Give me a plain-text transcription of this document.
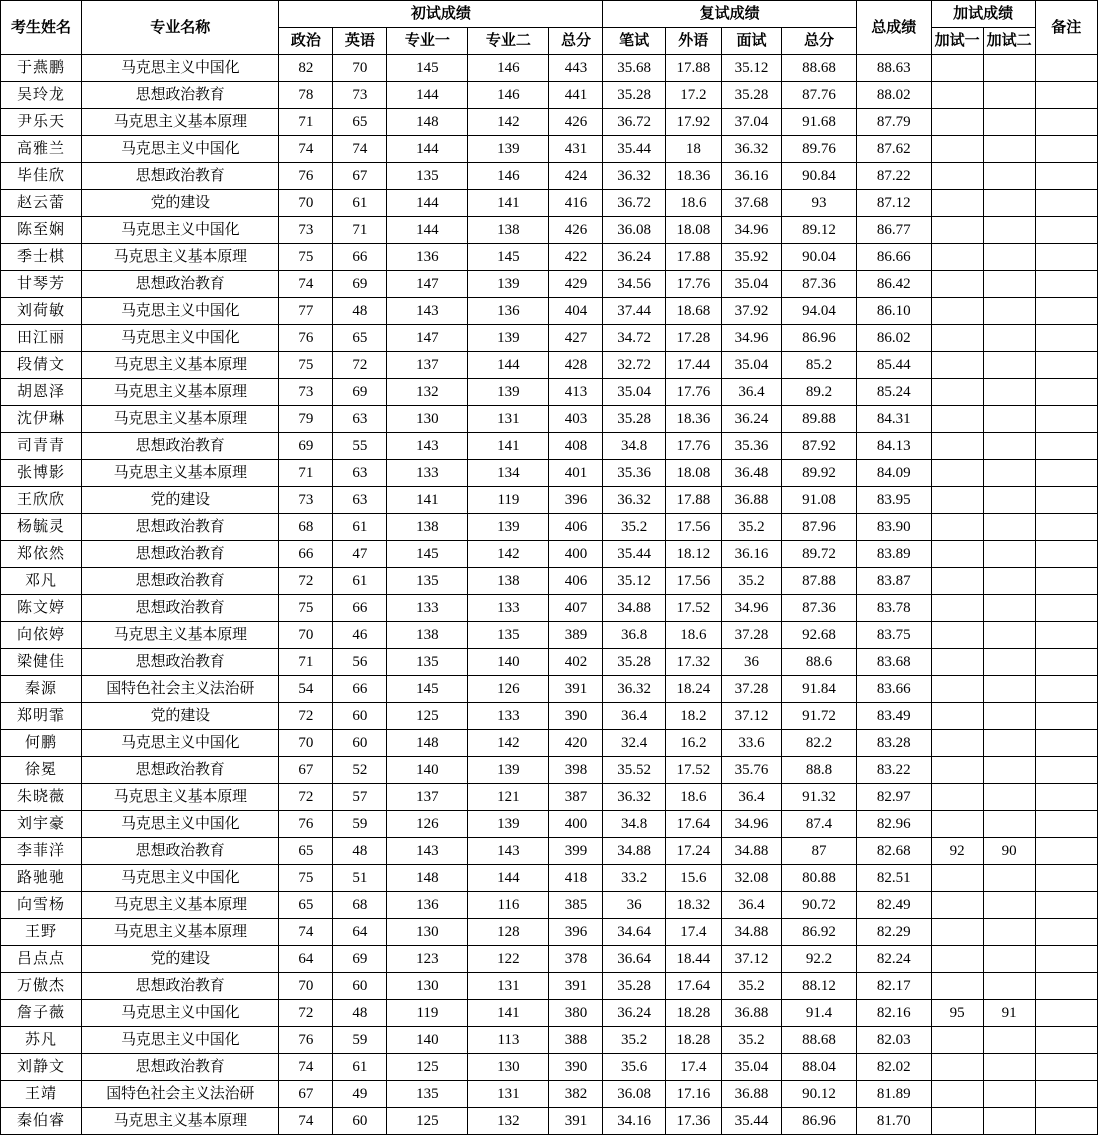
考生姓名	专业名称	初试成绩					复试成绩				总成绩	加试成绩		备注
		政治	英语	专业一	专业二	总分	笔试	外语	面试	总分		加试一	加试二	
于燕鹏	马克思主义中国化	82	70	145	146	443	35.68	17.88	35.12	88.68	88.63			
吴玲龙	思想政治教育	78	73	144	146	441	35.28	17.2	35.28	87.76	88.02			
尹乐天	马克思主义基本原理	71	65	148	142	426	36.72	17.92	37.04	91.68	87.79			
高雅兰	马克思主义中国化	74	74	144	139	431	35.44	18	36.32	89.76	87.62			
毕佳欣	思想政治教育	76	67	135	146	424	36.32	18.36	36.16	90.84	87.22			
赵云蕾	党的建设	70	61	144	141	416	36.72	18.6	37.68	93	87.12			
陈至娴	马克思主义中国化	73	71	144	138	426	36.08	18.08	34.96	89.12	86.77			
季士棋	马克思主义基本原理	75	66	136	145	422	36.24	17.88	35.92	90.04	86.66			
甘琴芳	思想政治教育	74	69	147	139	429	34.56	17.76	35.04	87.36	86.42			
刘荷敏	马克思主义中国化	77	48	143	136	404	37.44	18.68	37.92	94.04	86.10			
田江丽	马克思主义中国化	76	65	147	139	427	34.72	17.28	34.96	86.96	86.02			
段倩文	马克思主义基本原理	75	72	137	144	428	32.72	17.44	35.04	85.2	85.44			
胡恩泽	马克思主义基本原理	73	69	132	139	413	35.04	17.76	36.4	89.2	85.24			
沈伊琳	马克思主义基本原理	79	63	130	131	403	35.28	18.36	36.24	89.88	84.31			
司青青	思想政治教育	69	55	143	141	408	34.8	17.76	35.36	87.92	84.13			
张博影	马克思主义基本原理	71	63	133	134	401	35.36	18.08	36.48	89.92	84.09			
王欣欣	党的建设	73	63	141	119	396	36.32	17.88	36.88	91.08	83.95			
杨毓灵	思想政治教育	68	61	138	139	406	35.2	17.56	35.2	87.96	83.90			
郑依然	思想政治教育	66	47	145	142	400	35.44	18.12	36.16	89.72	83.89			
邓凡	思想政治教育	72	61	135	138	406	35.12	17.56	35.2	87.88	83.87			
陈文婷	思想政治教育	75	66	133	133	407	34.88	17.52	34.96	87.36	83.78			
向依婷	马克思主义基本原理	70	46	138	135	389	36.8	18.6	37.28	92.68	83.75			
梁健佳	思想政治教育	71	56	135	140	402	35.28	17.32	36	88.6	83.68			
秦源	国特色社会主义法治研	54	66	145	126	391	36.32	18.24	37.28	91.84	83.66			
郑明霏	党的建设	72	60	125	133	390	36.4	18.2	37.12	91.72	83.49			
何鹏	马克思主义中国化	70	60	148	142	420	32.4	16.2	33.6	82.2	83.28			
徐冕	思想政治教育	67	52	140	139	398	35.52	17.52	35.76	88.8	83.22			
朱晓薇	马克思主义基本原理	72	57	137	121	387	36.32	18.6	36.4	91.32	82.97			
刘宇豪	马克思主义中国化	76	59	126	139	400	34.8	17.64	34.96	87.4	82.96			
李菲洋	思想政治教育	65	48	143	143	399	34.88	17.24	34.88	87	82.68	92	90	
路驰驰	马克思主义中国化	75	51	148	144	418	33.2	15.6	32.08	80.88	82.51			
向雪杨	马克思主义基本原理	65	68	136	116	385	36	18.32	36.4	90.72	82.49			
王野	马克思主义基本原理	74	64	130	128	396	34.64	17.4	34.88	86.92	82.29			
吕点点	党的建设	64	69	123	122	378	36.64	18.44	37.12	92.2	82.24			
万傲杰	思想政治教育	70	60	130	131	391	35.28	17.64	35.2	88.12	82.17			
詹子薇	马克思主义中国化	72	48	119	141	380	36.24	18.28	36.88	91.4	82.16	95	91	
苏凡	马克思主义中国化	76	59	140	113	388	35.2	18.28	35.2	88.68	82.03			
刘静文	思想政治教育	74	61	125	130	390	35.6	17.4	35.04	88.04	82.02			
王靖	国特色社会主义法治研	67	49	135	131	382	36.08	17.16	36.88	90.12	81.89			
秦伯睿	马克思主义基本原理	74	60	125	132	391	34.16	17.36	35.44	86.96	81.70			
